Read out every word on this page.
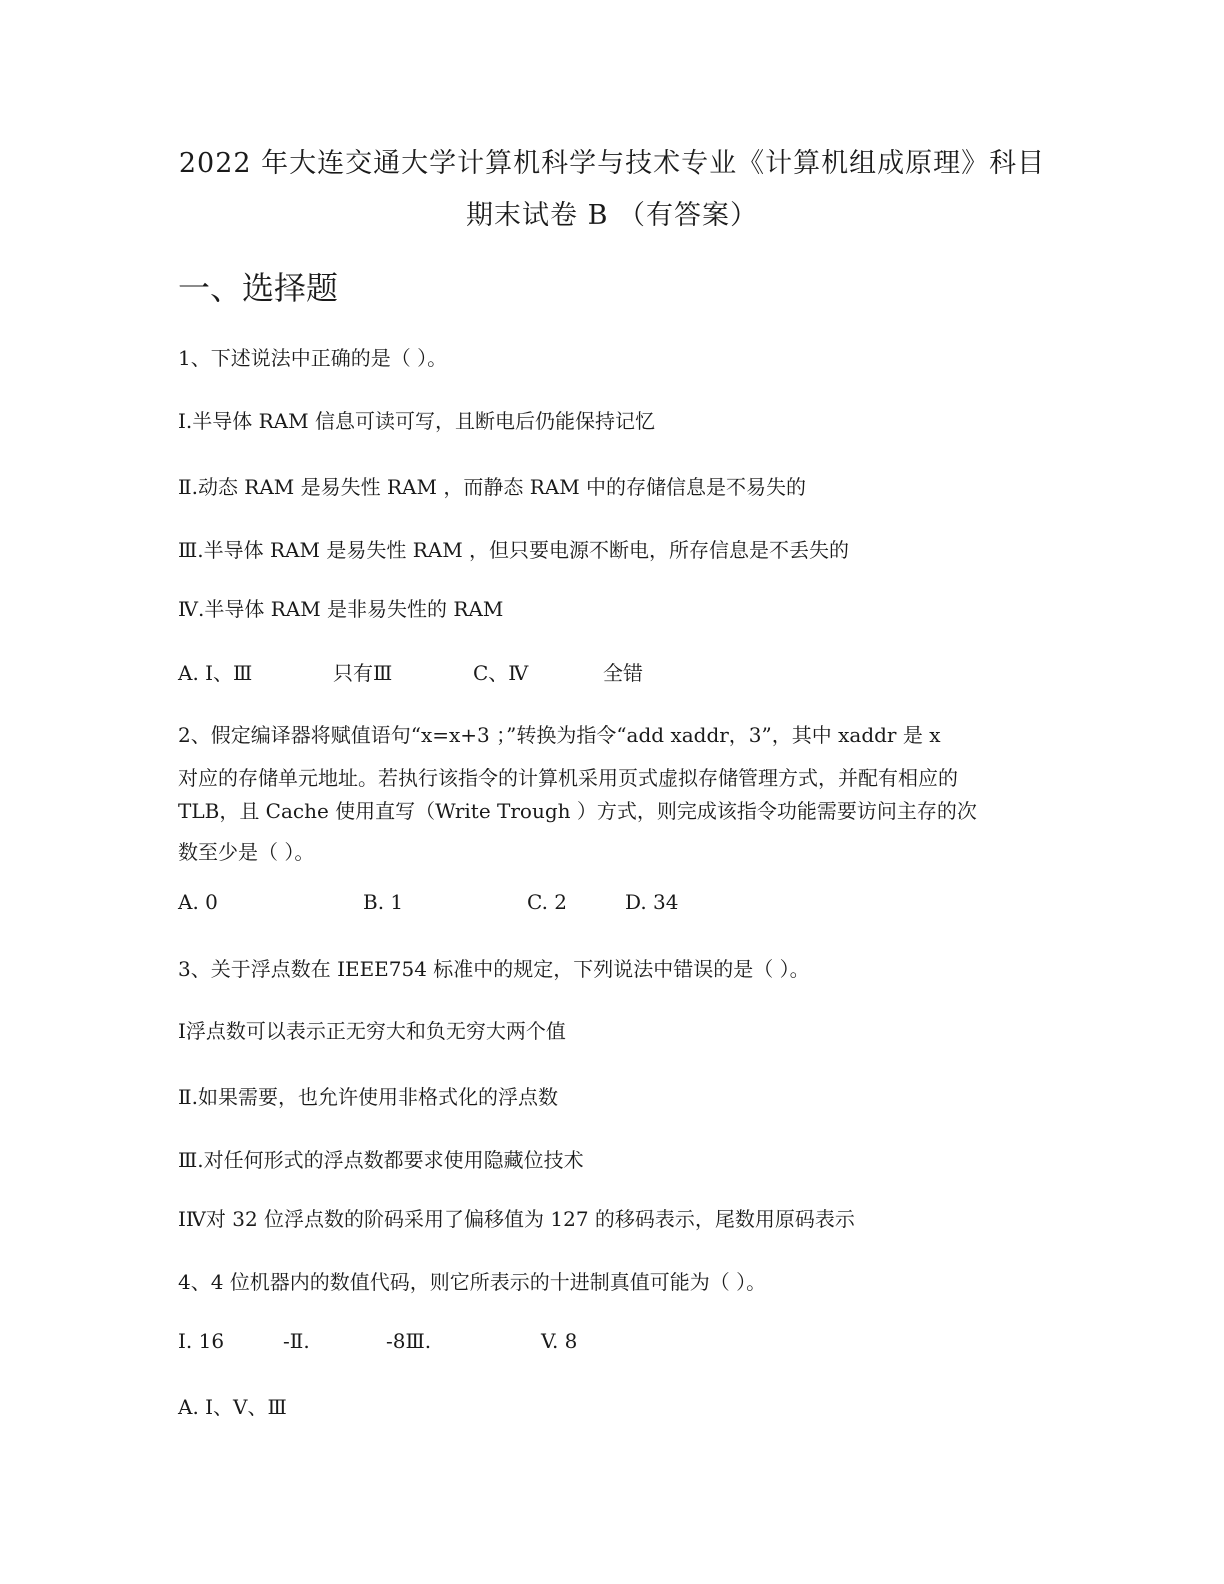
2022 年大连交通大学计算机科学与技术专业《计算机组成原理》科目
期末试卷 B （有答案）
一、选择题
1、下述说法中正确的是（ ）。
I.半导体 RAM 信息可读可写，且断电后仍能保持记忆
Ⅱ.动态 RAM 是易失性 RAM ，而静态 RAM 中的存储信息是不易失的
Ⅲ.半导体 RAM 是易失性 RAM ，但只要电源不断电，所存信息是不丢失的
Ⅳ.半导体 RAM 是非易失性的 RAM
A. I、Ⅲ	只有Ⅲ	C、Ⅳ	全错
2、假定编译器将赋值语句“x=x+3 ；”转换为指令“add xaddr，3”，其中 xaddr 是 x
对应的存储单元地址。若执行该指令的计算机采用页式虚拟存储管理方式，并配有相应的
TLB，且 Cache 使用直写（Write Trough ）方式，则完成该指令功能需要访问主存的次
数至少是（ ）。
A. 0	B. 1	C. 2	D. 34
3、关于浮点数在 IEEE754 标准中的规定，下列说法中错误的是（ ）。
I浮点数可以表示正无穷大和负无穷大两个值
Ⅱ.如果需要，也允许使用非格式化的浮点数
Ⅲ.对任何形式的浮点数都要求使用隐藏位技术
IⅣ对 32 位浮点数的阶码采用了偏移值为 127 的移码表示，尾数用原码表示
4、4 位机器内的数值代码，则它所表示的十进制真值可能为（ ）。
I. 16	-Ⅱ.	-8Ⅲ.	V. 8
A. I、V、Ⅲ
